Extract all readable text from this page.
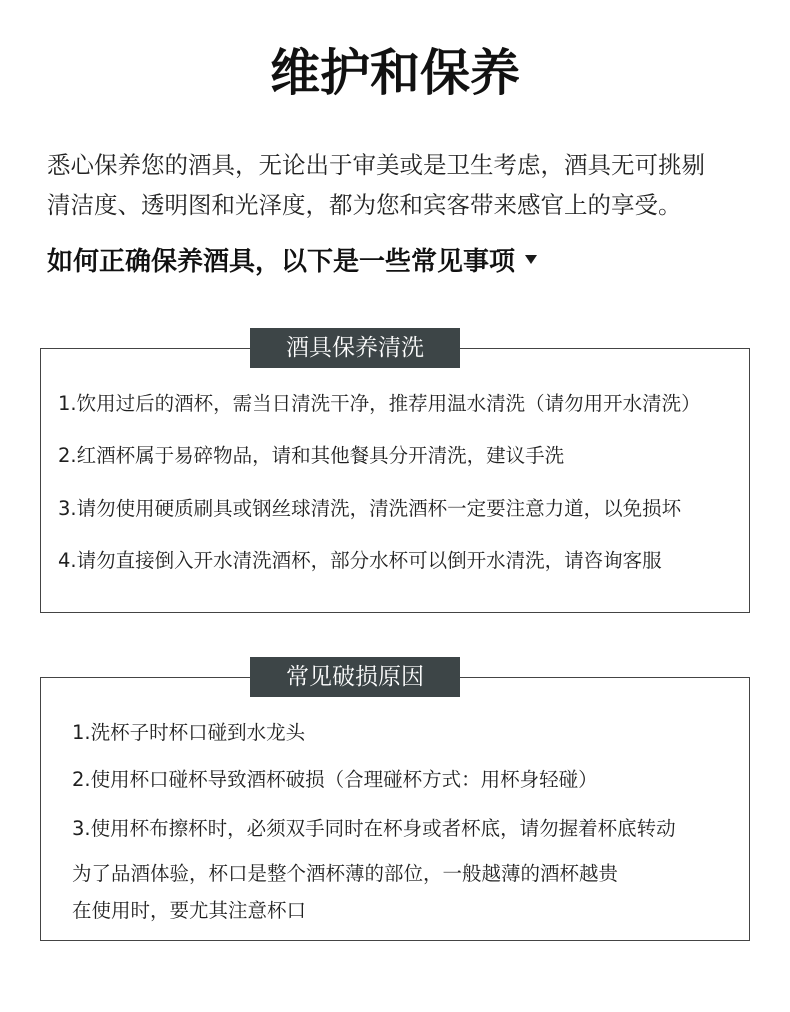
维护和保养

悉心保养您的酒具，无论出于审美或是卫生考虑，酒具无可挑剔

清洁度、透明图和光泽度，都为您和宾客带来感官上的享受。

如何正确保养酒具，以下是一些常见事项
1.饮用过后的酒杯，需当日清洗干净，推荐用温水清洗（请勿用开水清洗）
2.红酒杯属于易碎物品，请和其他餐具分开清洗，建议手洗
3.请勿使用硬质刷具或钢丝球清洗，清洗酒杯一定要注意力道，以免损坏
4.请勿直接倒入开水清洗酒杯，部分水杯可以倒开水清洗，请咨询客服
酒具保养清洗
1.洗杯子时杯口碰到水龙头
2.使用杯口碰杯导致酒杯破损（合理碰杯方式：用杯身轻碰）
3.使用杯布擦杯时，必须双手同时在杯身或者杯底，请勿握着杯底转动
为了品酒体验，杯口是整个酒杯薄的部位，一般越薄的酒杯越贵
在使用时，要尤其注意杯口
常见破损原因
